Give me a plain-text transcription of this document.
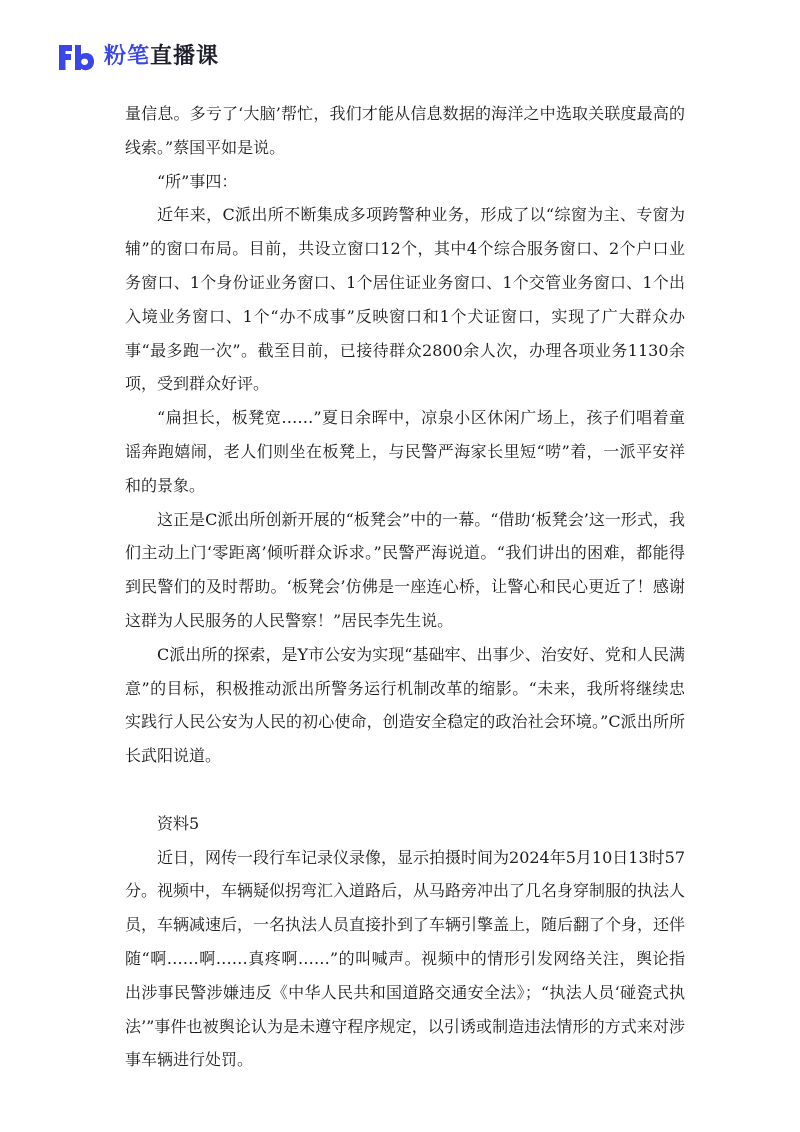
粉笔直播课

量信息。多亏了‘大脑’帮忙，我们才能从信息数据的海洋之中选取关联度最高的线索。”蔡国平如是说。

“所”事四：

近年来，C派出所不断集成多项跨警种业务，形成了以“综窗为主、专窗为辅”的窗口布局。目前，共设立窗口12个，其中4个综合服务窗口、2个户口业务窗口、1个身份证业务窗口、1个居住证业务窗口、1个交管业务窗口、1个出入境业务窗口、1个“办不成事”反映窗口和1个犬证窗口，实现了广大群众办事“最多跑一次”。截至目前，已接待群众2800余人次，办理各项业务1130余项，受到群众好评。

“扁担长，板凳宽……”夏日余晖中，凉泉小区休闲广场上，孩子们唱着童谣奔跑嬉闹，老人们则坐在板凳上，与民警严海家长里短“唠”着，一派平安祥和的景象。

这正是C派出所创新开展的“板凳会”中的一幕。“借助‘板凳会’这一形式，我们主动上门‘零距离’倾听群众诉求。”民警严海说道。“我们讲出的困难，都能得到民警们的及时帮助。‘板凳会’仿佛是一座连心桥，让警心和民心更近了！感谢这群为人民服务的人民警察！”居民李先生说。

C派出所的探索，是Y市公安为实现“基础牢、出事少、治安好、党和人民满意”的目标，积极推动派出所警务运行机制改革的缩影。“未来，我所将继续忠实践行人民公安为人民的初心使命，创造安全稳定的政治社会环境。”C派出所所长武阳说道。

资料5

近日，网传一段行车记录仪录像，显示拍摄时间为2024年5月10日13时57分。视频中，车辆疑似拐弯汇入道路后，从马路旁冲出了几名身穿制服的执法人员，车辆减速后，一名执法人员直接扑到了车辆引擎盖上，随后翻了个身，还伴随“啊……啊……真疼啊……”的叫喊声。视频中的情形引发网络关注，舆论指出涉事民警涉嫌违反《中华人民共和国道路交通安全法》；“执法人员‘碰瓷式执法’”事件也被舆论认为是未遵守程序规定，以引诱或制造违法情形的方式来对涉事车辆进行处罚。
